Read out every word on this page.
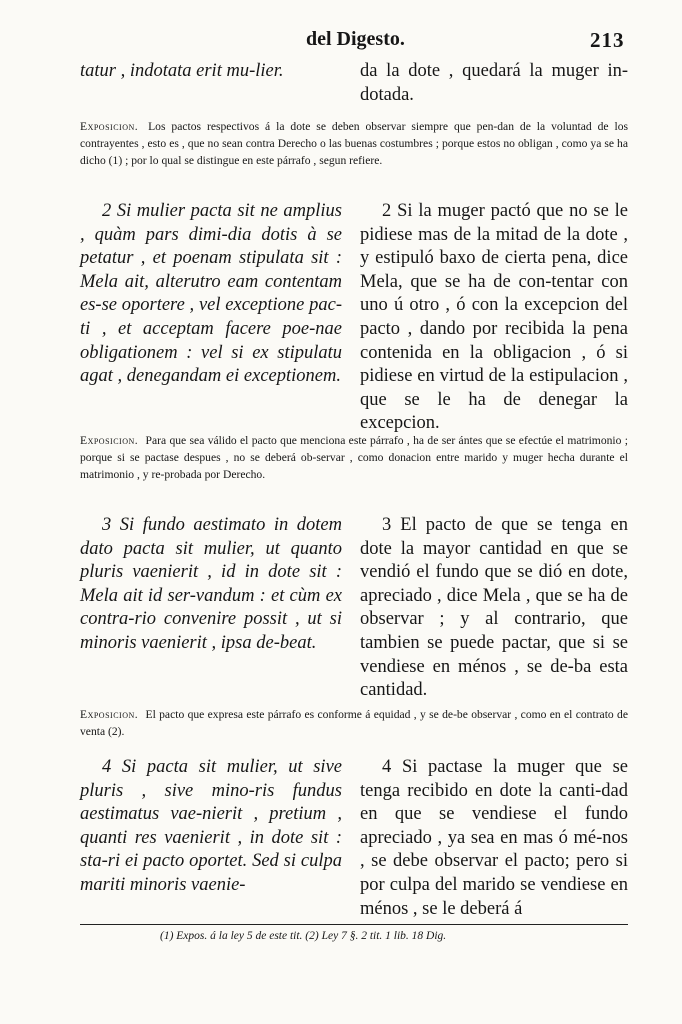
del Digesto.	213

tatur , indotata erit mu-lier.	da la dote , quedará la muger in-dotada.

Exposicion. Los pactos respectivos á la dote se deben observar siempre que pen-dan de la voluntad de los contrayentes , esto es , que no sean contra Derecho o las buenas costumbres ; porque estos no obligan , como ya se ha dicho (1) ; por lo qual se distingue en este párrafo , segun refiere.

2 Si mulier pacta sit ne amplius , quàm pars dimi-dia dotis à se petatur , et poenam stipulata sit : Mela ait, alterutro eam contentam es-se oportere , vel exceptione pac-ti , et acceptam facere poe-nae obligationem : vel si ex stipulatu agat , denegandam ei exceptionem.

2 Si la muger pactó que no se le pidiese mas de la mitad de la dote , y estipuló baxo de cierta pena, dice Mela, que se ha de con-tentar con uno ú otro , ó con la excepcion del pacto , dando por recibida la pena contenida en la obligacion , ó si pidiese en virtud de la estipulacion , que se le ha de denegar la excepcion.

Exposicion. Para que sea válido el pacto que menciona este párrafo , ha de ser ántes que se efectúe el matrimonio ; porque si se pactase despues , no se deberá ob-servar , como donacion entre marido y muger hecha durante el matrimonio , y re-probada por Derecho.

3 Si fundo aestimato in dotem dato pacta sit mulier, ut quanto pluris vaenierit , id in dote sit : Mela ait id ser-vandum : et cùm ex contra-rio convenire possit , ut si minoris vaenierit , ipsa de-beat.

3 El pacto de que se tenga en dote la mayor cantidad en que se vendió el fundo que se dió en dote, apreciado , dice Mela , que se ha de observar ; y al contrario, que tambien se puede pactar, que si se vendiese en ménos , se de-ba esta cantidad.

Exposicion. El pacto que expresa este párrafo es conforme á equidad , y se de-be observar , como en el contrato de venta (2).

4 Si pacta sit mulier, ut sive pluris , sive mino-ris fundus aestimatus vae-nierit , pretium , quanti res vaenierit , in dote sit : sta-ri ei pacto oportet. Sed si culpa mariti minoris vaenie-

4 Si pactase la muger que se tenga recibido en dote la canti-dad en que se vendiese el fundo apreciado , ya sea en mas ó mé-nos , se debe observar el pacto; pero si por culpa del marido se vendiese en ménos , se le deberá á

(1) Expos. á la ley 5 de este tit. (2) Ley 7 §. 2 tit. 1 lib. 18 Dig.
